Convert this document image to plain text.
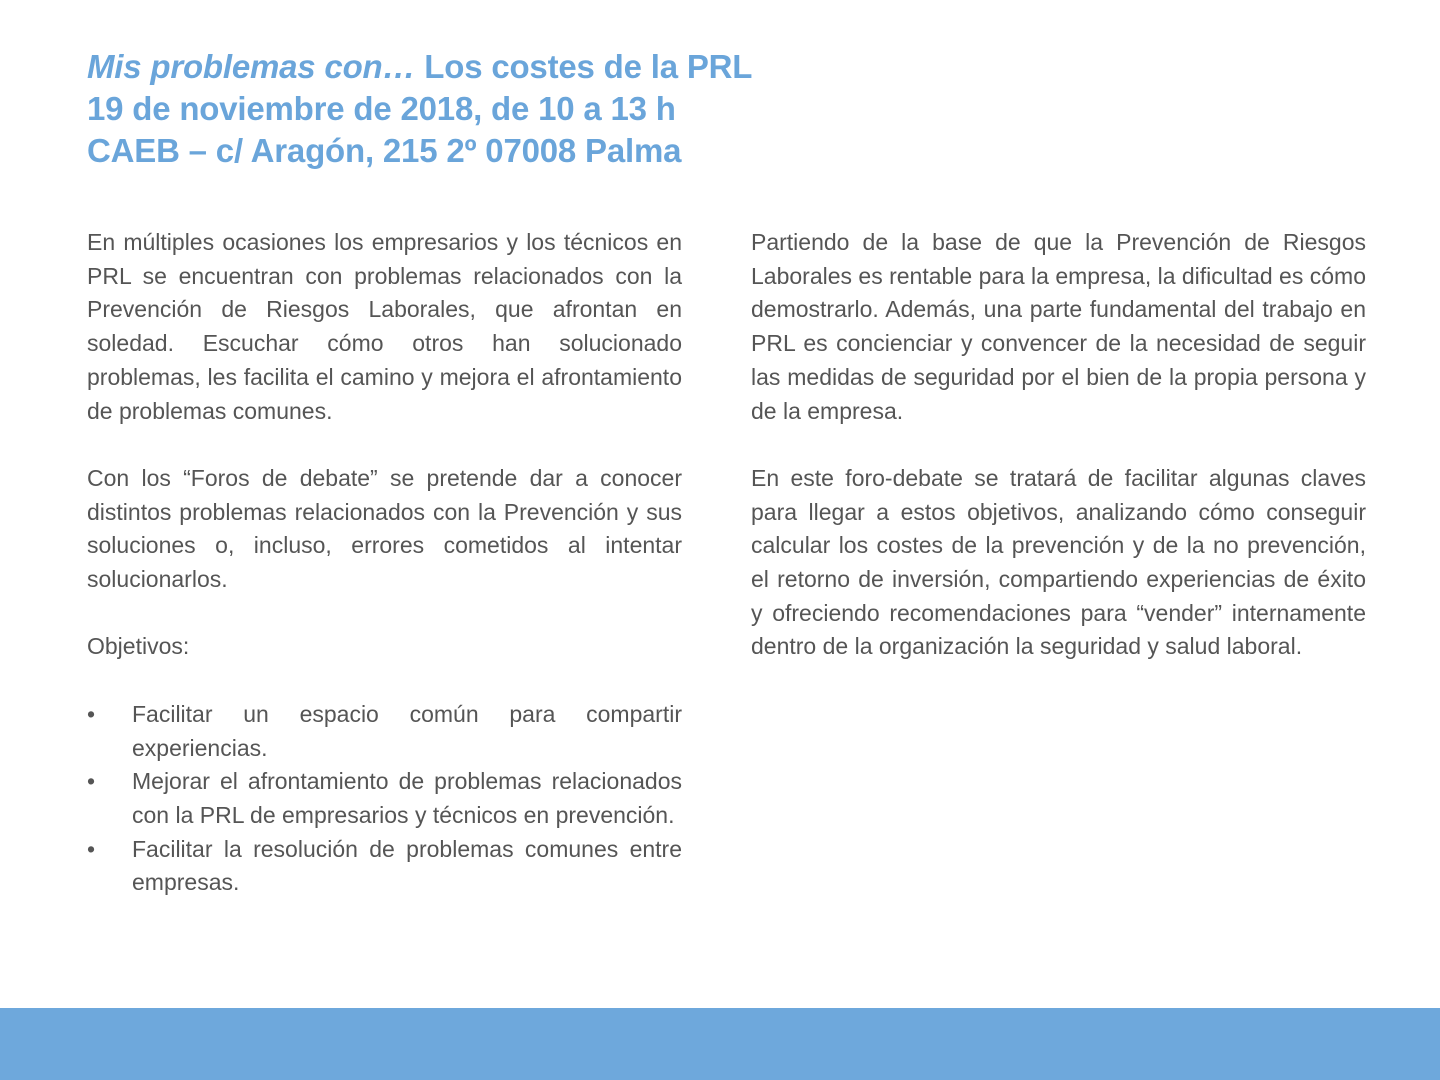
Mis problemas con… Los costes de la PRL
19 de noviembre de 2018, de 10 a 13 h
CAEB – c/ Aragón, 215 2º 07008 Palma

En múltiples ocasiones los empresarios y los técnicos en PRL se encuentran con problemas relacionados con la Prevención de Riesgos Laborales, que afrontan en soledad. Escuchar cómo otros han solucionado problemas, les facilita el camino y mejora el afrontamiento de problemas comunes.

Con los “Foros de debate” se pretende dar a conocer distintos problemas relacionados con la Prevención y sus soluciones o, incluso, errores cometidos al intentar solucionarlos.

Objetivos:

•	Facilitar un espacio común para compartir experiencias.
•	Mejorar el afrontamiento de problemas relacionados con la PRL de empresarios y técnicos en prevención.
•	Facilitar la resolución de problemas comunes entre empresas.

Partiendo de la base de que la Prevención de Riesgos Laborales es rentable para la empresa, la dificultad es cómo demostrarlo. Además, una parte fundamental del trabajo en PRL es concienciar y convencer de la necesidad de seguir las medidas de seguridad por el bien de la propia persona y de la empresa.

En este foro-debate se tratará de facilitar algunas claves para llegar a estos objetivos, analizando cómo conseguir calcular los costes de la prevención y de la no prevención, el retorno de inversión, compartiendo experiencias de éxito y ofreciendo recomendaciones para “vender” internamente dentro de la organización la seguridad y salud laboral.
